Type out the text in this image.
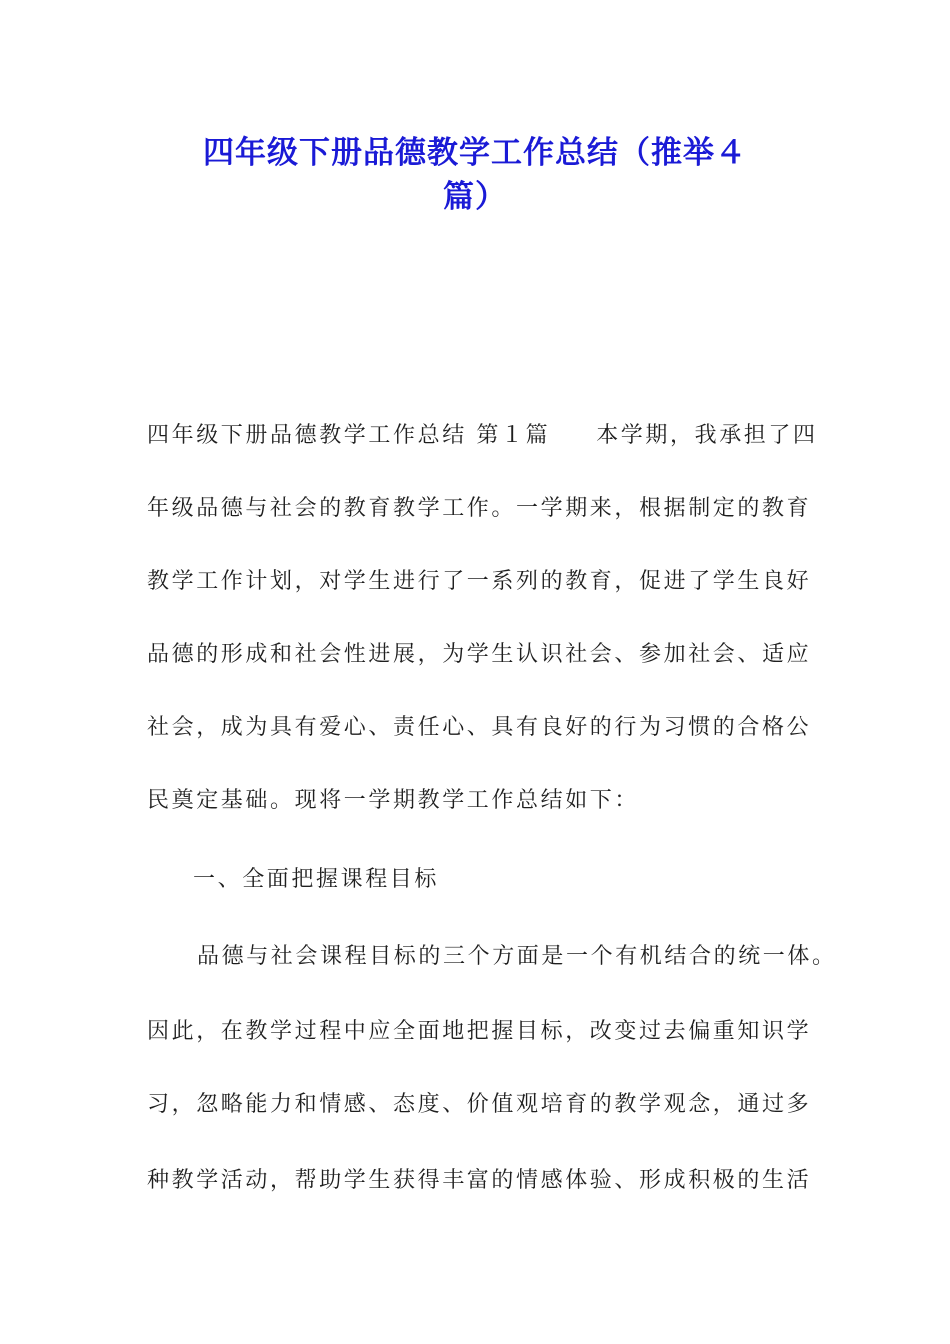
四年级下册品德教学工作总结（推举４
篇）
四年级下册品德教学工作总结 第１篇 本学期，我承担了四
年级品德与社会的教育教学工作。一学期来，根据制定的教育
教学工作计划，对学生进行了一系列的教育，促进了学生良好
品德的形成和社会性进展，为学生认识社会、参加社会、适应
社会，成为具有爱心、责任心、具有良好的行为习惯的合格公
民奠定基础。现将一学期教学工作总结如下：
一、全面把握课程目标
品德与社会课程目标的三个方面是一个有机结合的统一体。
因此，在教学过程中应全面地把握目标，改变过去偏重知识学
习，忽略能力和情感、态度、价值观培育的教学观念，通过多
种教学活动，帮助学生获得丰富的情感体验、形成积极的生活
